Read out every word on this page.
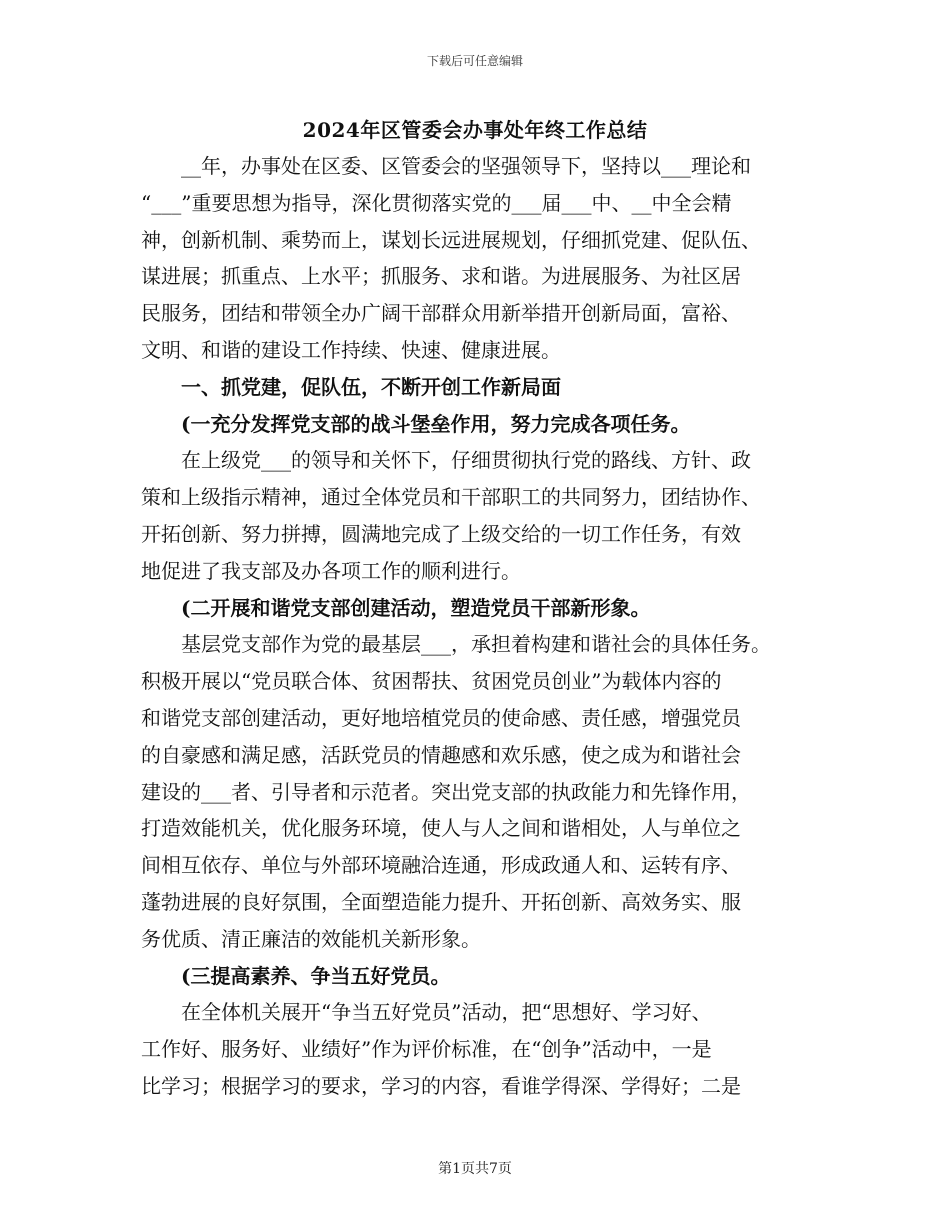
下载后可任意编辑
2024年区管委会办事处年终工作总结
__年，办事处在区委、区管委会的坚强领导下，坚持以___理论和
“___”重要思想为指导，深化贯彻落实党的___届___中、__中全会精
神，创新机制、乘势而上，谋划长远进展规划，仔细抓党建、促队伍、
谋进展；抓重点、上水平；抓服务、求和谐。为进展服务、为社区居
民服务，团结和带领全办广阔干部群众用新举措开创新局面，富裕、
文明、和谐的建设工作持续、快速、健康进展。
一、抓党建，促队伍，不断开创工作新局面
(一充分发挥党支部的战斗堡垒作用，努力完成各项任务。
在上级党___的领导和关怀下，仔细贯彻执行党的路线、方针、政
策和上级指示精神，通过全体党员和干部职工的共同努力，团结协作、
开拓创新、努力拼搏，圆满地完成了上级交给的一切工作任务，有效
地促进了我支部及办各项工作的顺利进行。
(二开展和谐党支部创建活动，塑造党员干部新形象。
基层党支部作为党的最基层___，承担着构建和谐社会的具体任务。
积极开展以“党员联合体、贫困帮扶、贫困党员创业”为载体内容的
和谐党支部创建活动，更好地培植党员的使命感、责任感，增强党员
的自豪感和满足感，活跃党员的情趣感和欢乐感，使之成为和谐社会
建设的___者、引导者和示范者。突出党支部的执政能力和先锋作用，
打造效能机关，优化服务环境，使人与人之间和谐相处，人与单位之
间相互依存、单位与外部环境融洽连通，形成政通人和、运转有序、
蓬勃进展的良好氛围，全面塑造能力提升、开拓创新、高效务实、服
务优质、清正廉洁的效能机关新形象。
(三提高素养、争当五好党员。
在全体机关展开“争当五好党员”活动，把“思想好、学习好、
工作好、服务好、业绩好”作为评价标准，在“创争”活动中，一是
比学习；根据学习的要求，学习的内容，看谁学得深、学得好；二是
第1页共7页
